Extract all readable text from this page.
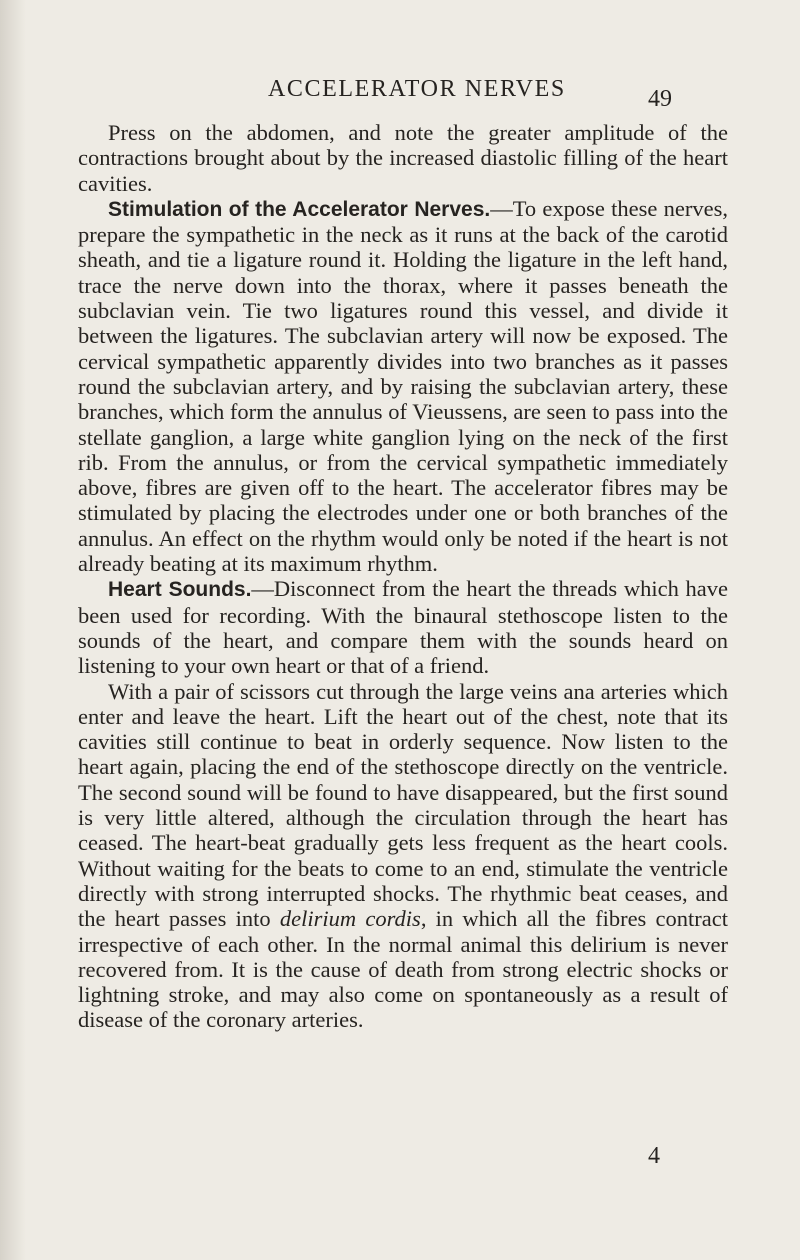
ACCELERATOR NERVES	49

Press on the abdomen, and note the greater amplitude of the contractions brought about by the increased diastolic filling of the heart cavities.

Stimulation of the Accelerator Nerves.—To expose these nerves, prepare the sympathetic in the neck as it runs at the back of the carotid sheath, and tie a ligature round it. Holding the ligature in the left hand, trace the nerve down into the thorax, where it passes beneath the subclavian vein. Tie two ligatures round this vessel, and divide it between the ligatures. The subclavian artery will now be exposed. The cervical sympathetic apparently divides into two branches as it passes round the subclavian artery, and by raising the subclavian artery, these branches, which form the annulus of Vieussens, are seen to pass into the stellate ganglion, a large white ganglion lying on the neck of the first rib. From the annulus, or from the cervical sympathetic immediately above, fibres are given off to the heart. The accelerator fibres may be stimulated by placing the electrodes under one or both branches of the annulus. An effect on the rhythm would only be noted if the heart is not already beating at its maximum rhythm.

Heart Sounds.—Disconnect from the heart the threads which have been used for recording. With the binaural stethoscope listen to the sounds of the heart, and compare them with the sounds heard on listening to your own heart or that of a friend.

With a pair of scissors cut through the large veins ana arteries which enter and leave the heart. Lift the heart out of the chest, note that its cavities still continue to beat in orderly sequence. Now listen to the heart again, placing the end of the stethoscope directly on the ventricle. The second sound will be found to have disappeared, but the first sound is very little altered, although the circulation through the heart has ceased. The heart-beat gradually gets less frequent as the heart cools. Without waiting for the beats to come to an end, stimulate the ventricle directly with strong interrupted shocks. The rhythmic beat ceases, and the heart passes into delirium cordis, in which all the fibres contract irrespective of each other. In the normal animal this delirium is never recovered from. It is the cause of death from strong electric shocks or lightning stroke, and may also come on spontaneously as a result of disease of the coronary arteries.

4
